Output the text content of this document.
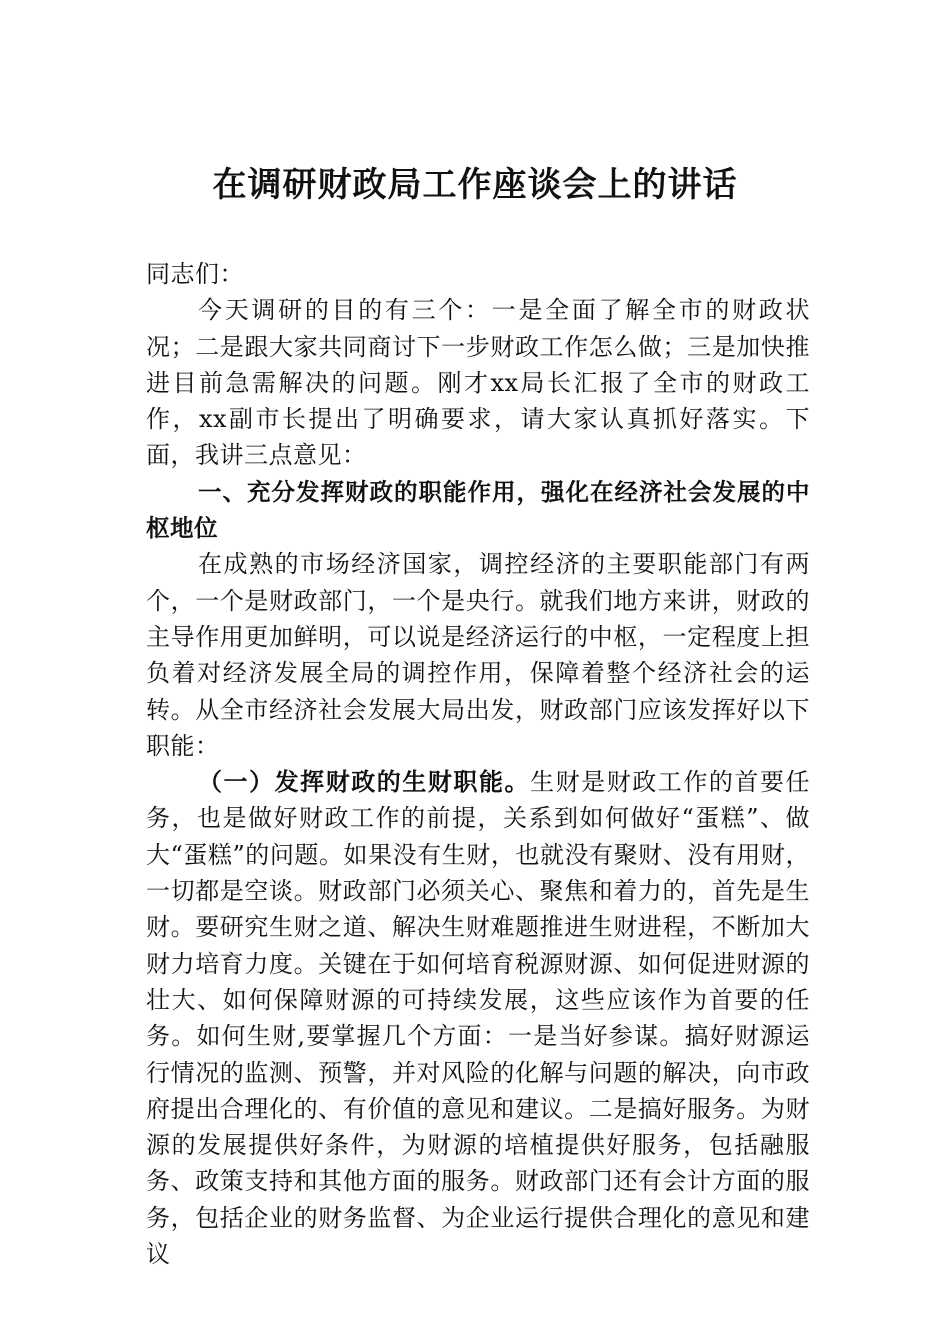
在调研财政局工作座谈会上的讲话

同志们：

今天调研的目的有三个：一是全面了解全市的财政状况；二是跟大家共同商讨下一步财政工作怎么做；三是加快推进目前急需解决的问题。刚才xx局长汇报了全市的财政工作，xx副市长提出了明确要求，请大家认真抓好落实。下面，我讲三点意见：

一、充分发挥财政的职能作用，强化在经济社会发展的中枢地位

在成熟的市场经济国家，调控经济的主要职能部门有两个，一个是财政部门，一个是央行。就我们地方来讲，财政的主导作用更加鲜明，可以说是经济运行的中枢，一定程度上担负着对经济发展全局的调控作用，保障着整个经济社会的运转。从全市经济社会发展大局出发，财政部门应该发挥好以下职能：

（一）发挥财政的生财职能。生财是财政工作的首要任务，也是做好财政工作的前提，关系到如何做好“蛋糕”、做大“蛋糕”的问题。如果没有生财，也就没有聚财、没有用财，一切都是空谈。财政部门必须关心、聚焦和着力的，首先是生财。要研究生财之道、解决生财难题推进生财进程，不断加大财力培育力度。关键在于如何培育税源财源、如何促进财源的壮大、如何保障财源的可持续发展，这些应该作为首要的任务。如何生财,要掌握几个方面：一是当好参谋。搞好财源运行情况的监测、预警，并对风险的化解与问题的解决，向市政府提出合理化的、有价值的意见和建议。二是搞好服务。为财源的发展提供好条件，为财源的培植提供好服务，包括融服务、政策支持和其他方面的服务。财政部门还有会计方面的服务，包括企业的财务监督、为企业运行提供合理化的意见和建议
